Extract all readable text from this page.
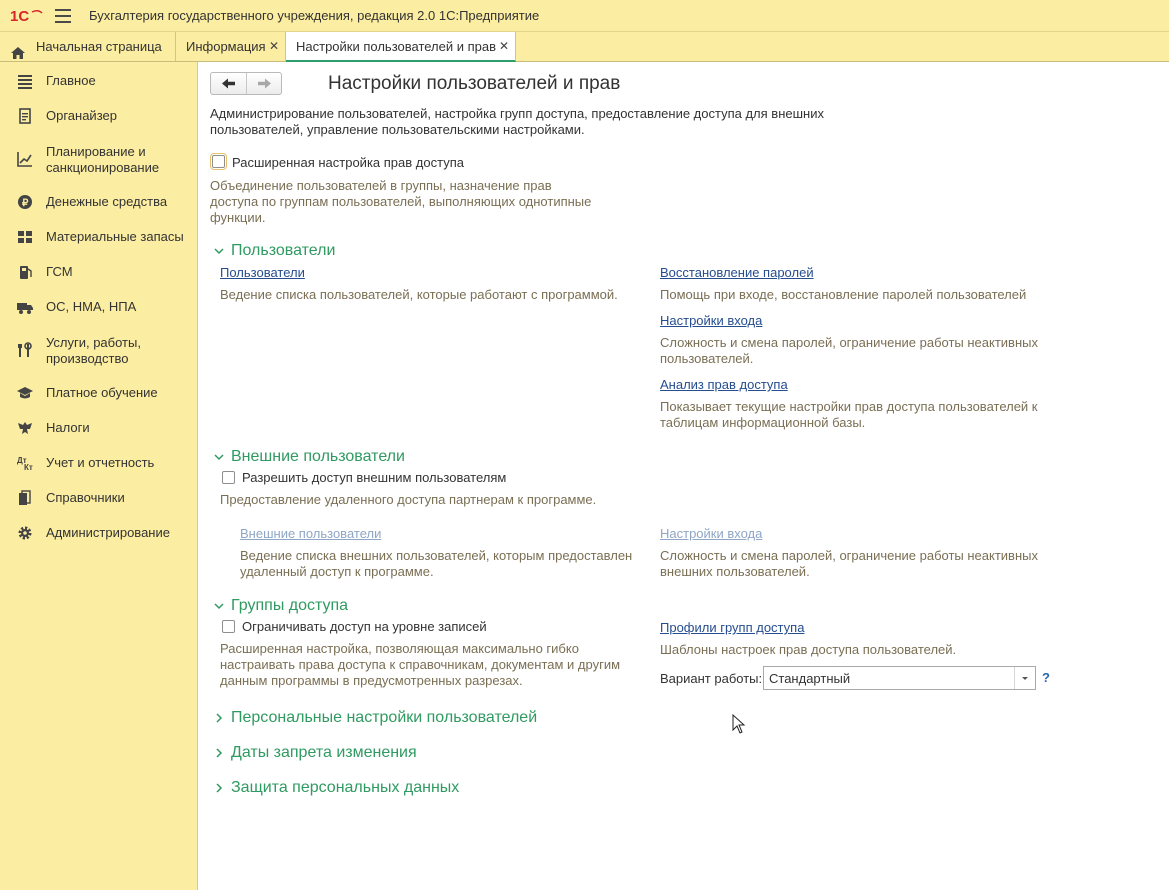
1С	Бухгалтерия государственного учреждения, редакция 2.0 1С:Предприятие
Начальная страница Информация ✕ Настройки пользователей и прав ✕
Главное
Органайзер
Планирование и санкционирование
₽ Денежные средства
Материальные запасы
ГСМ
ОС, НМА, НПА
Услуги, работы, производство
Платное обучение
Налоги
Дт
Кт Учет и отчетность
Справочники
Администрирование
Настройки пользователей и прав
Администрирование пользователей, настройка групп доступа, предоставление доступа для внешних пользователей, управление пользовательскими настройками.
Расширенная настройка прав доступа
Объединение пользователей в группы, назначение прав доступа по группам пользователей, выполняющих однотипные функции.
Пользователи
Пользователи
Ведение списка пользователей, которые работают с программой.
Восстановление паролей
Помощь при входе, восстановление паролей пользователей
Настройки входа
Сложность и смена паролей, ограничение работы неактивных пользователей.
Анализ прав доступа
Показывает текущие настройки прав доступа пользователей к таблицам информационной базы.
Внешние пользователи
Разрешить доступ внешним пользователям
Предоставление удаленного доступа партнерам к программе.
Внешние пользователи
Ведение списка внешних пользователей, которым предоставлен удаленный доступ к программе.
Настройки входа
Сложность и смена паролей, ограничение работы неактивных внешних пользователей.
Группы доступа
Ограничивать доступ на уровне записей
Расширенная настройка, позволяющая максимально гибко настраивать права доступа к справочникам, документам и другим данным программы в предусмотренных разрезах.
Профили групп доступа
Шаблоны настроек прав доступа пользователей.
Вариант работы: Стандартный	?
Персональные настройки пользователей
Даты запрета изменения
Защита персональных данных
